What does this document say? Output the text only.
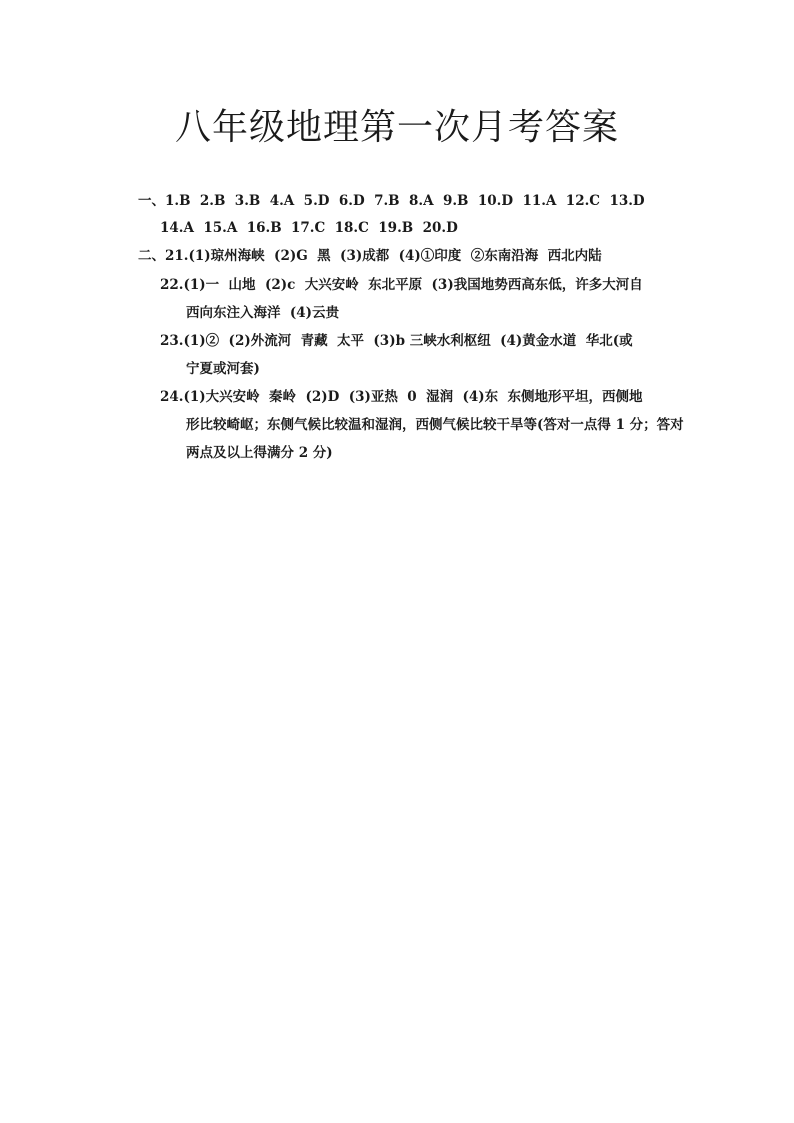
八年级地理第一次月考答案
一、1.B  2.B  3.B  4.A  5.D  6.D  7.B  8.A  9.B  10.D  11.A  12.C  13.D
14.A  15.A  16.B  17.C  18.C  19.B  20.D
二、21.(1)琼州海峡  (2)G  黑  (3)成都  (4)①印度  ②东南沿海  西北内陆
22.(1)一  山地  (2)c  大兴安岭  东北平原  (3)我国地势西高东低，许多大河自
西向东注入海洋  (4)云贵
23.(1)②  (2)外流河  青藏  太平  (3)b 三峡水利枢纽  (4)黄金水道  华北(或
宁夏或河套)
24.(1)大兴安岭  秦岭  (2)D  (3)亚热  0  湿润  (4)东  东侧地形平坦，西侧地
形比较崎岖；东侧气候比较温和湿润，西侧气候比较干旱等(答对一点得 1 分；答对
两点及以上得满分 2 分)
